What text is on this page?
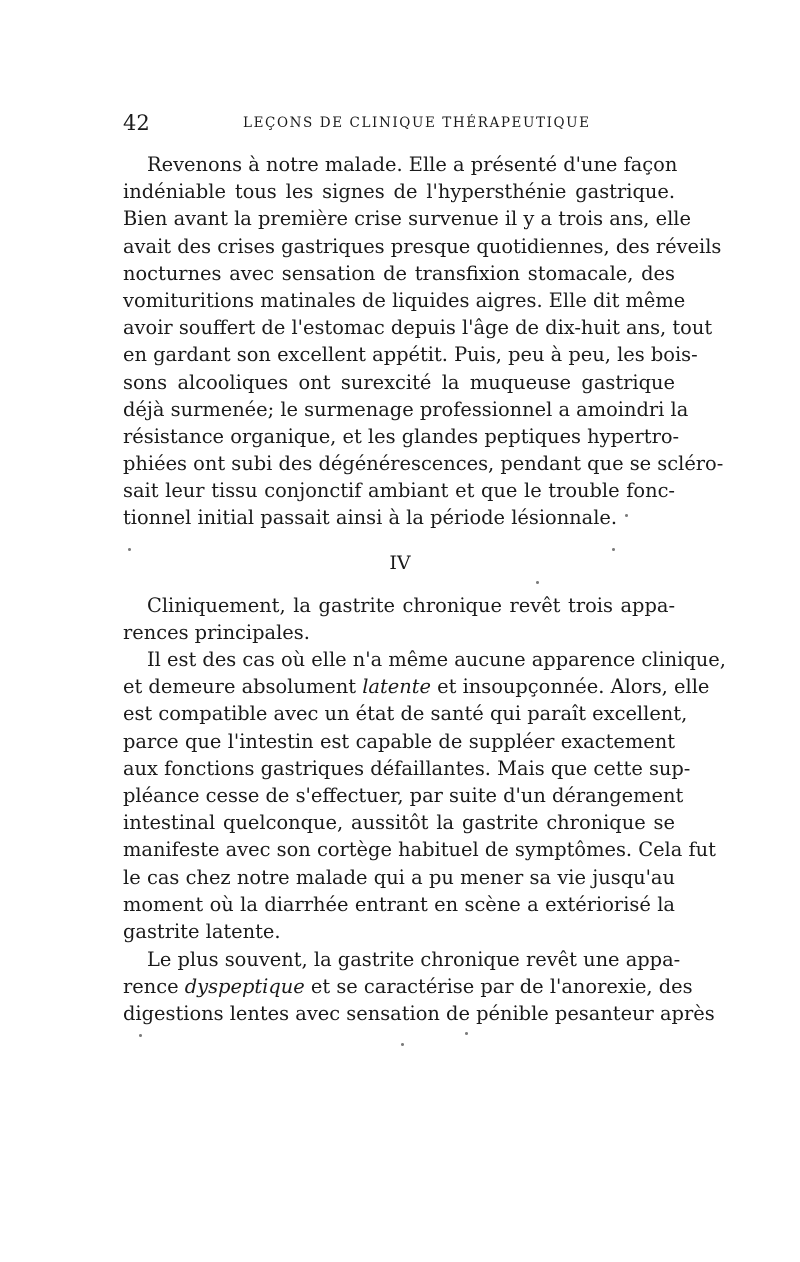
42	LEÇONS DE CLINIQUE THÉRAPEUTIQUE
Revenons à notre malade. Elle a présenté d'une façon
indéniable tous les signes de l'hypersthénie gastrique.
Bien avant la première crise survenue il y a trois ans, elle
avait des crises gastriques presque quotidiennes, des réveils
nocturnes avec sensation de transfixion stomacale, des
vomituritions matinales de liquides aigres. Elle dit même
avoir souffert de l'estomac depuis l'âge de dix-huit ans, tout
en gardant son excellent appétit. Puis, peu à peu, les bois-
sons alcooliques ont surexcité la muqueuse gastrique
déjà surmenée; le surmenage professionnel a amoindri la
résistance organique, et les glandes peptiques hypertro-
phiées ont subi des dégénérescences, pendant que se scléro-
sait leur tissu conjonctif ambiant et que le trouble fonc-
tionnel initial passait ainsi à la période lésionnale.
IV
Cliniquement, la gastrite chronique revêt trois appa-
rences principales.
Il est des cas où elle n'a même aucune apparence clinique,
et demeure absolument latente et insoupçonnée. Alors, elle
est compatible avec un état de santé qui paraît excellent,
parce que l'intestin est capable de suppléer exactement
aux fonctions gastriques défaillantes. Mais que cette sup-
pléance cesse de s'effectuer, par suite d'un dérangement
intestinal quelconque, aussitôt la gastrite chronique se
manifeste avec son cortège habituel de symptômes. Cela fut
le cas chez notre malade qui a pu mener sa vie jusqu'au
moment où la diarrhée entrant en scène a extériorisé la
gastrite latente.
Le plus souvent, la gastrite chronique revêt une appa-
rence dyspeptique et se caractérise par de l'anorexie, des
digestions lentes avec sensation de pénible pesanteur après
